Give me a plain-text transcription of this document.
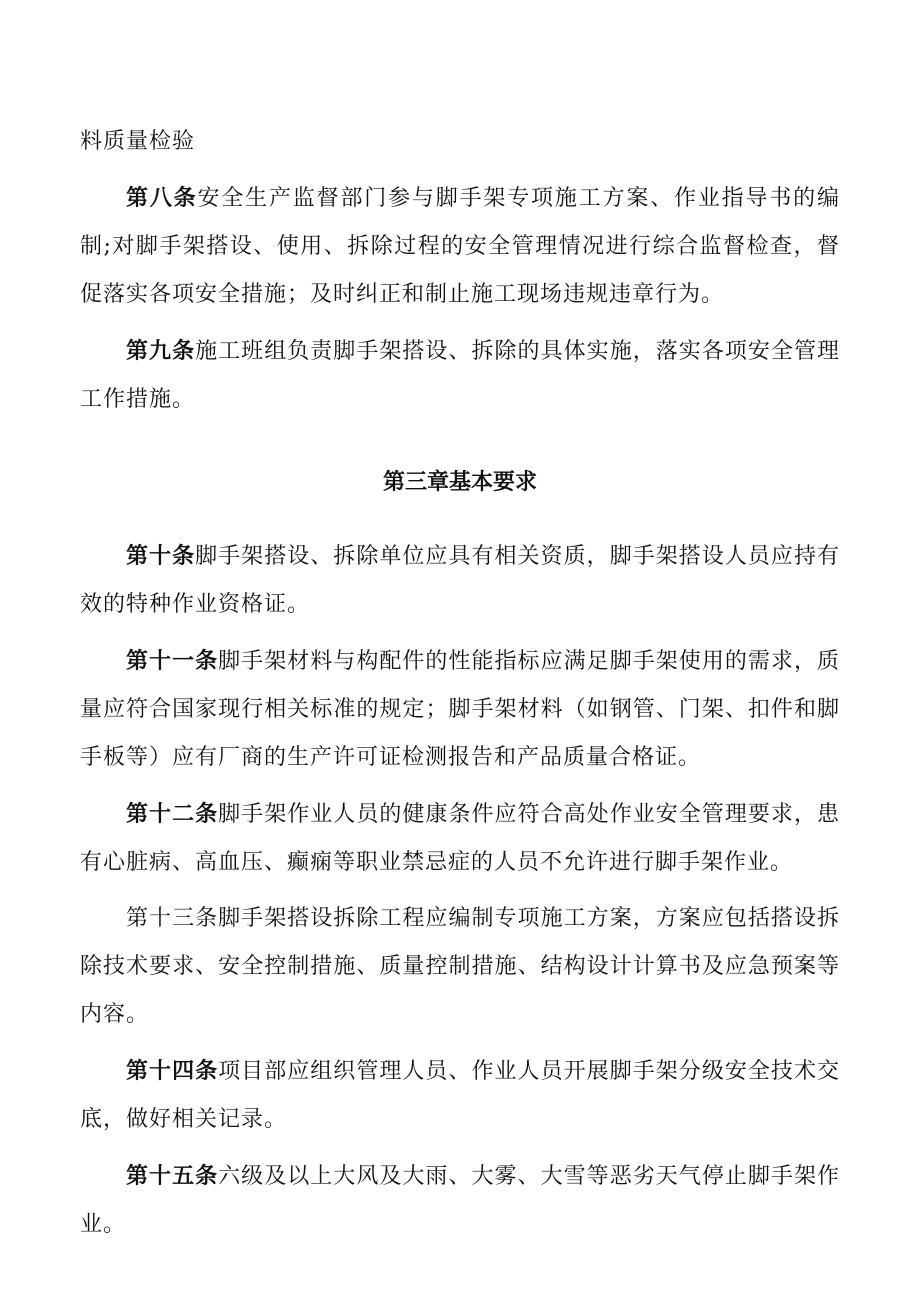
料质量检验

第八条安全生产监督部门参与脚手架专项施工方案、作业指导书的编制;对脚手架搭设、使用、拆除过程的安全管理情况进行综合监督检查，督促落实各项安全措施；及时纠正和制止施工现场违规违章行为。

第九条施工班组负责脚手架搭设、拆除的具体实施，落实各项安全管理工作措施。

第三章基本要求

第十条脚手架搭设、拆除单位应具有相关资质，脚手架搭设人员应持有效的特种作业资格证。

第十一条脚手架材料与构配件的性能指标应满足脚手架使用的需求，质量应符合国家现行相关标准的规定；脚手架材料（如钢管、门架、扣件和脚手板等）应有厂商的生产许可证检测报告和产品质量合格证。

第十二条脚手架作业人员的健康条件应符合高处作业安全管理要求，患有心脏病、高血压、癫痫等职业禁忌症的人员不允许进行脚手架作业。

第十三条脚手架搭设拆除工程应编制专项施工方案，方案应包括搭设拆除技术要求、安全控制措施、质量控制措施、结构设计计算书及应急预案等内容。

第十四条项目部应组织管理人员、作业人员开展脚手架分级安全技术交底，做好相关记录。

第十五条六级及以上大风及大雨、大雾、大雪等恶劣天气停止脚手架作业。
